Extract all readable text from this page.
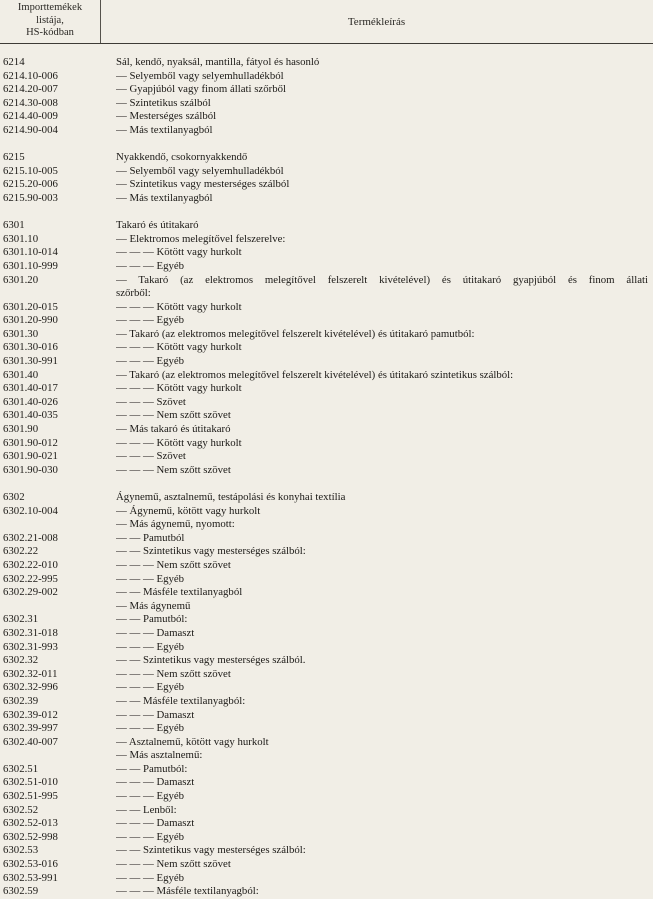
Importtemékek
listája,
HS-kódban
Termékleírás
6214	Sál, kendő, nyaksál, mantilla, fátyol és hasonló
6214.10-006	— Selyemből vagy selyemhulladékból
6214.20-007	— Gyapjúból vagy finom állati szőrből
6214.30-008	— Szintetikus szálból
6214.40-009	— Mesterséges szálból
6214.90-004	— Más textilanyagból
6215	Nyakkendő, csokornyakkendő
6215.10-005	— Selyemből vagy selyemhulladékból
6215.20-006	— Szintetikus vagy mesterséges szálból
6215.90-003	— Más textilanyagból
6301	Takaró és útitakaró
6301.10	— Elektromos melegítővel felszerelve:
6301.10-014	— — — Kötött vagy hurkolt
6301.10-999	— — — Egyéb
6301.20	— Takaró (az elektromos melegítővel felszerelt kivételével) és útitakaró gyapjúból és finom állati
szőrből:
6301.20-015	— — — Kötött vagy hurkolt
6301.20-990	— — — Egyéb
6301.30	— Takaró (az elektromos melegítővel felszerelt kivételével) és útitakaró pamutból:
6301.30-016	— — — Kötött vagy hurkolt
6301.30-991	— — — Egyéb
6301.40	— Takaró (az elektromos melegítővel felszerelt kivételével) és útitakaró szintetikus szálból:
6301.40-017	— — — Kötött vagy hurkolt
6301.40-026	— — — Szövet
6301.40-035	— — — Nem szőtt szövet
6301.90	— Más takaró és útitakaró
6301.90-012	— — — Kötött vagy hurkolt
6301.90-021	— — — Szövet
6301.90-030	— — — Nem szőtt szövet
6302	Ágynemű, asztalnemű, testápolási és konyhai textília
6302.10-004	— Ágynemű, kötött vagy hurkolt
— Más ágynemű, nyomott:
6302.21-008	— — Pamutból
6302.22	— — Szintetikus vagy mesterséges szálból:
6302.22-010	— — — Nem szőtt szövet
6302.22-995	— — — Egyéb
6302.29-002	— — Másféle textilanyagból
— Más ágynemű
6302.31	— — Pamutból:
6302.31-018	— — — Damaszt
6302.31-993	— — — Egyéb
6302.32	— — Szintetikus vagy mesterséges szálból.
6302.32-011	— — — Nem szőtt szövet
6302.32-996	— — — Egyéb
6302.39	— — Másféle textilanyagból:
6302.39-012	— — — Damaszt
6302.39-997	— — — Egyéb
6302.40-007	— Asztalnemű, kötött vagy hurkolt
— Más asztalnemű:
6302.51	— — Pamutból:
6302.51-010	— — — Damaszt
6302.51-995	— — — Egyéb
6302.52	— — Lenből:
6302.52-013	— — — Damaszt
6302.52-998	— — — Egyéb
6302.53	— — Szintetikus vagy mesterséges szálból:
6302.53-016	— — — Nem szőtt szövet
6302.53-991	— — — Egyéb
6302.59	— — — Másféle textilanyagból:
